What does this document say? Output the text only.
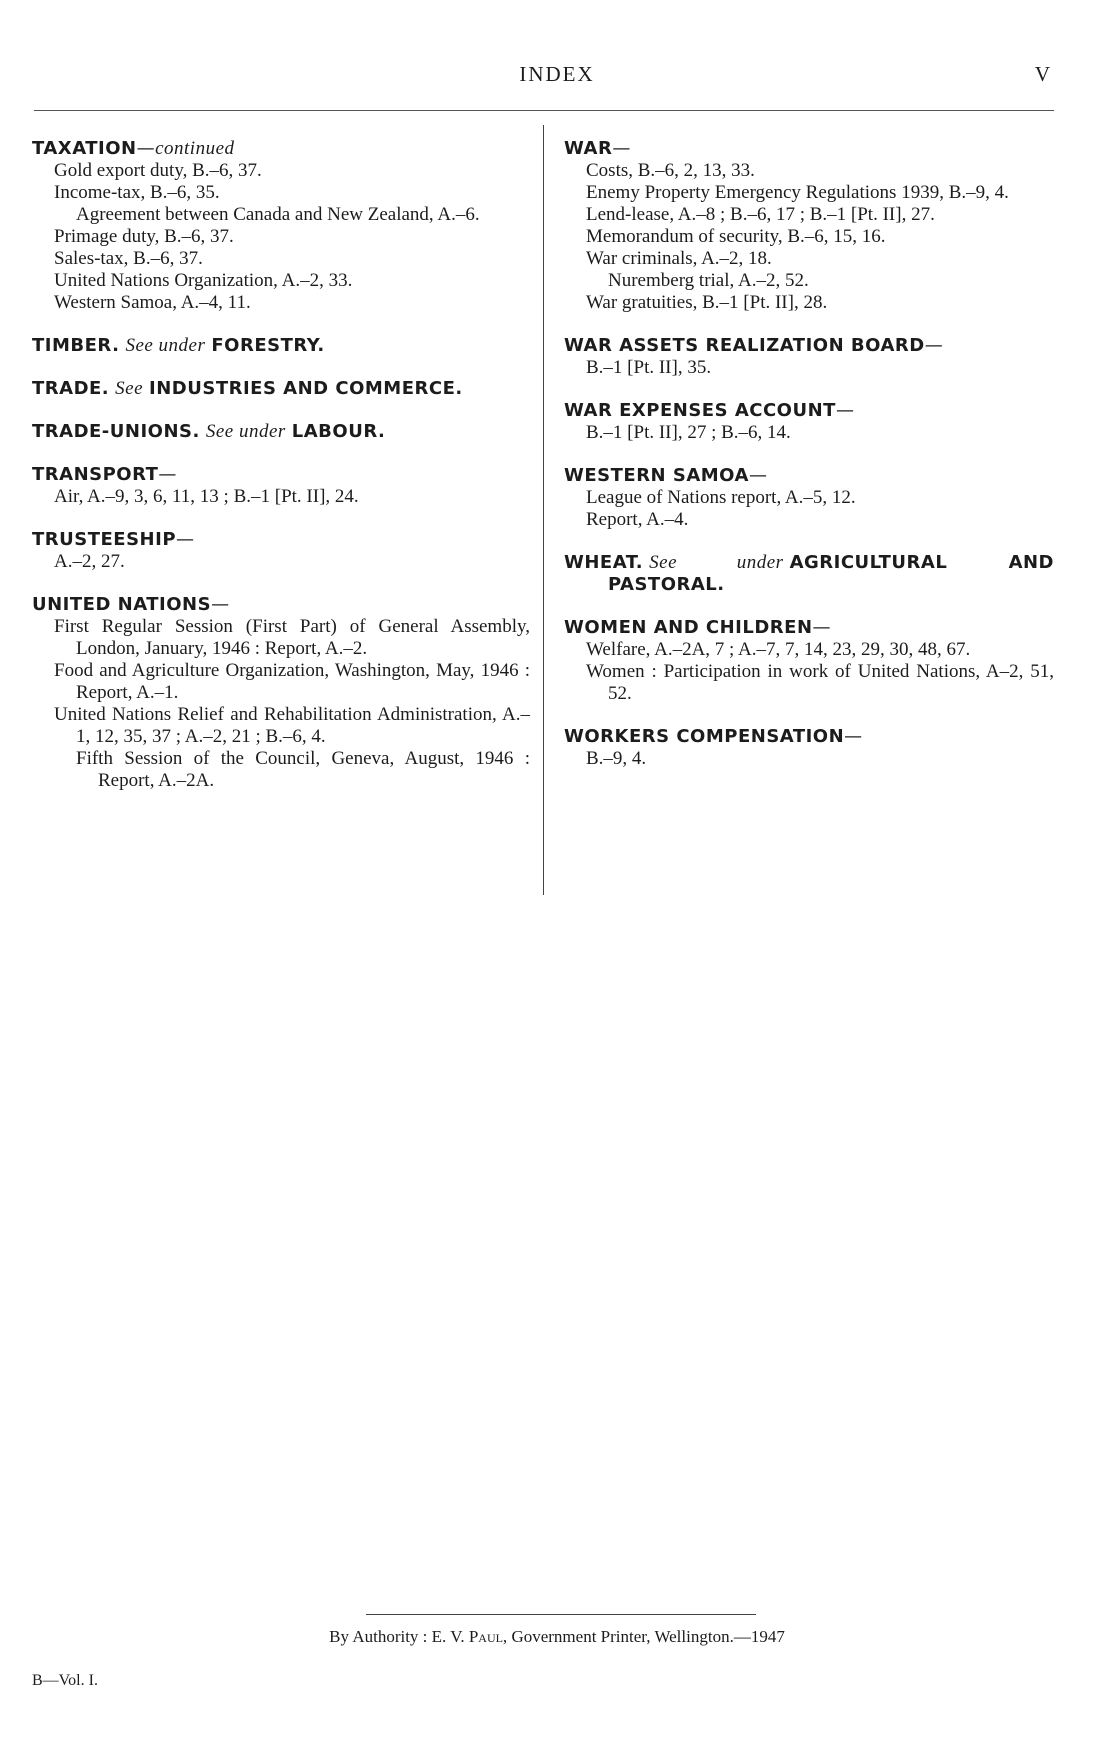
INDEX	V
TAXATION—continued
Gold export duty, B.–6, 37.
Income-tax, B.–6, 35.
Agreement between Canada and New Zealand, A.–6.
Primage duty, B.–6, 37.
Sales-tax, B.–6, 37.
United Nations Organization, A.–2, 33.
Western Samoa, A.–4, 11.
TIMBER. See under FORESTRY.
TRADE. See INDUSTRIES AND COMMERCE.
TRADE-UNIONS. See under LABOUR.
TRANSPORT—
Air, A.–9, 3, 6, 11, 13 ; B.–1 [Pt. II], 24.
TRUSTEESHIP—
A.–2, 27.
UNITED NATIONS—
First Regular Session (First Part) of General Assembly, London, January, 1946 : Report, A.–2.
Food and Agriculture Organization, Washington, May, 1946 : Report, A.–1.
United Nations Relief and Rehabilitation Administration, A.–1, 12, 35, 37 ; A.–2, 21 ; B.–6, 4.
Fifth Session of the Council, Geneva, August, 1946 : Report, A.–2A.
WAR—
Costs, B.–6, 2, 13, 33.
Enemy Property Emergency Regulations 1939, B.–9, 4.
Lend-lease, A.–8 ; B.–6, 17 ; B.–1 [Pt. II], 27.
Memorandum of security, B.–6, 15, 16.
War criminals, A.–2, 18.
Nuremberg trial, A.–2, 52.
War gratuities, B.–1 [Pt. II], 28.
WAR ASSETS REALIZATION BOARD—
B.–1 [Pt. II], 35.
WAR EXPENSES ACCOUNT—
B.–1 [Pt. II], 27 ; B.–6, 14.
WESTERN SAMOA—
League of Nations report, A.–5, 12.
Report, A.–4.
WHEAT. See under AGRICULTURAL AND PASTORAL.
WOMEN AND CHILDREN—
Welfare, A.–2A, 7 ; A.–7, 7, 14, 23, 29, 30, 48, 67.
Women : Participation in work of United Nations, A–2, 51, 52.
WORKERS COMPENSATION—
B.–9, 4.
By Authority : E. V. Paul, Government Printer, Wellington.—1947
B—Vol. I.
